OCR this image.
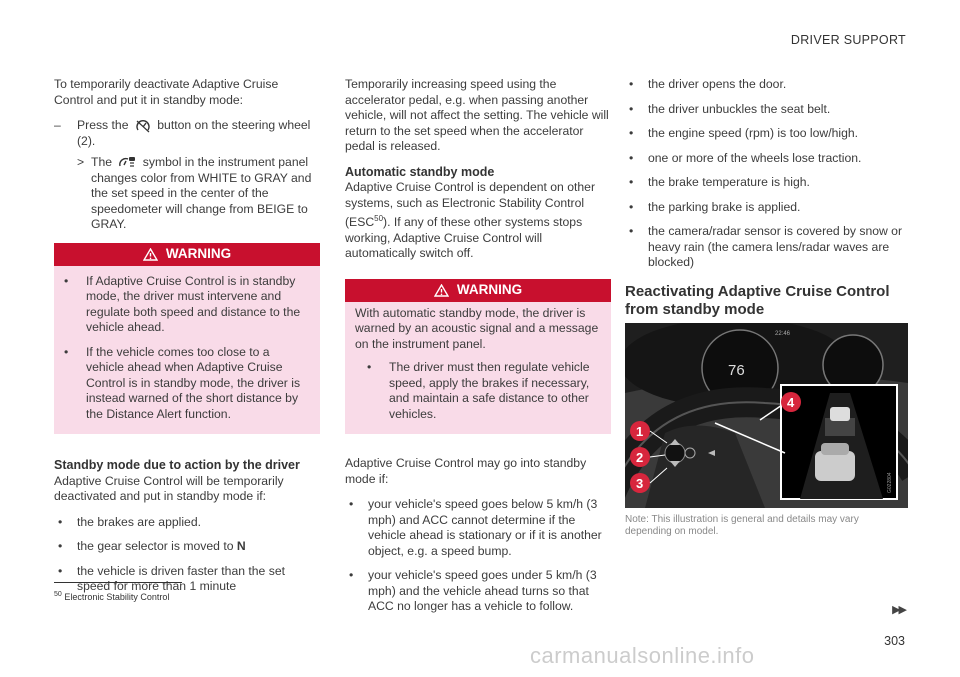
DRIVER SUPPORT

To temporarily deactivate Adaptive Cruise Control and put it in standby mode:

–	Press the button on the steering wheel (2).
> The	symbol in the instrument panel changes color from WHITE to GRAY and the set speed in the center of the speedometer will change from BEIGE to GRAY.
WARNING
•	If Adaptive Cruise Control is in standby mode, the driver must intervene and regulate both speed and distance to the vehicle ahead.
•	If the vehicle comes too close to a vehicle ahead when Adaptive Cruise Control is in standby mode, the driver is instead warned of the short distance by the Distance Alert function.
Standby mode due to action by the driver

Adaptive Cruise Control will be temporarily deactivated and put in standby mode if:

•	the brakes are applied.
•	the gear selector is moved to N
•	the vehicle is driven faster than the set speed for more than 1 minute

Temporarily increasing speed using the accelerator pedal, e.g. when passing another vehicle, will not affect the setting. The vehicle will return to the set speed when the accelerator pedal is released.

Automatic standby mode

Adaptive Cruise Control is dependent on other systems, such as Electronic Stability Control (ESC$^{50}$). If any of these other systems stops working, Adaptive Cruise Control will automatically switch off.

WARNING

With automatic standby mode, the driver is warned by an acoustic signal and a message on the instrument panel.

•	The driver must then regulate vehicle speed, apply the brakes if necessary, and maintain a safe distance to other vehicles.

Adaptive Cruise Control may go into standby mode if:

•	your vehicle's speed goes below 5 km/h (3 mph) and ACC cannot determine if the vehicle ahead is stationary or if it is another object, e.g. a speed bump.
•	your vehicle's speed goes under 5 km/h (3 mph) and the vehicle ahead turns so that ACC no longer has a vehicle to follow.
•	the driver opens the door.
•	the driver unbuckles the seat belt.
•	the engine speed (rpm) is too low/high.
•	one or more of the wheels lose traction.
•	the brake temperature is high.
•	the parking brake is applied.
•	the camera/radar sensor is covered by snow or heavy rain (the camera lens/radar waves are blocked)
Reactivating Adaptive Cruise Control from standby mode
76
22:46
G022804
1
2
3
4
Note: This illustration is general and details may vary depending on model.
$^{50}$ Electronic Stability Control
▶▶
303
carmanualsonline.info
